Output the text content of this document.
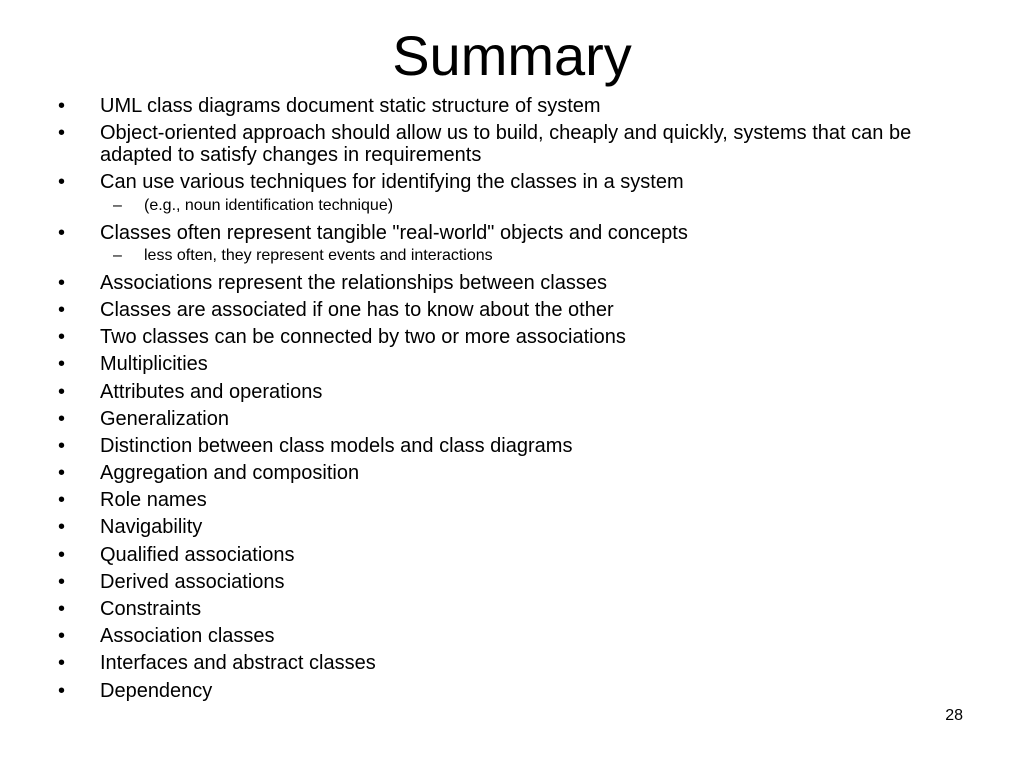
Summary
•	UML class diagrams document static structure of system
•	Object-oriented approach should allow us to build, cheaply and quickly, systems that can be adapted to satisfy changes in requirements
•	Can use various techniques for identifying the classes in a system
– (e.g., noun identification technique)
•	Classes often represent tangible "real-world" objects and concepts
– less often, they represent events and interactions
•	Associations represent the relationships between classes
•	Classes are associated if one has to know about the other
•	Two classes can be connected by two or more associations
•	Multiplicities
•	Attributes and operations
•	Generalization
•	Distinction between class models and class diagrams
•	Aggregation and composition
•	Role names
•	Navigability
•	Qualified associations
•	Derived associations
•	Constraints
•	Association classes
•	Interfaces and abstract classes
•	Dependency
28
